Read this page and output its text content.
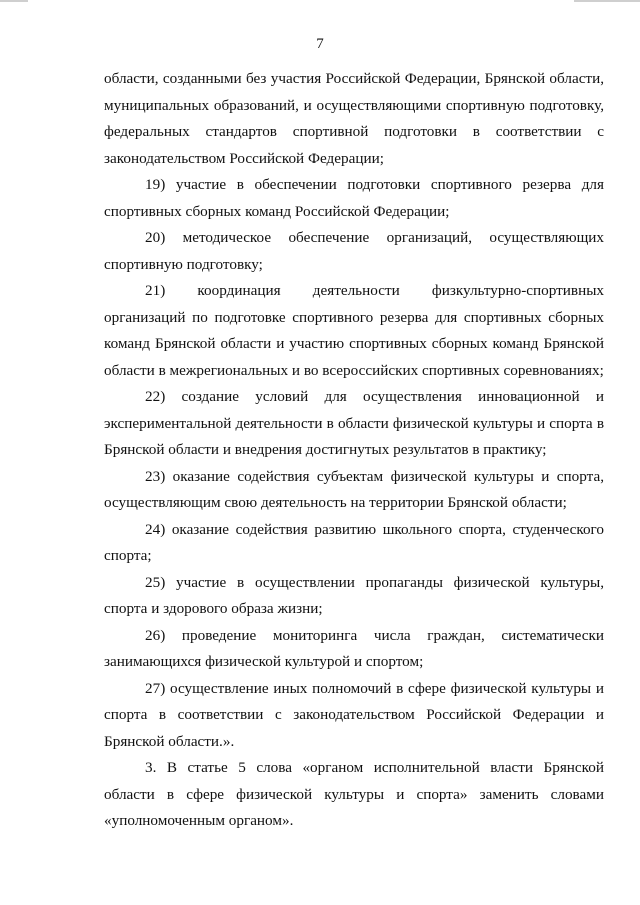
7

области, созданными без участия Российской Федерации, Брянской области, муниципальных образований, и осуществляющими спортивную подготовку, федеральных стандартов спортивной подготовки в соответствии с законодательством Российской Федерации;

19) участие в обеспечении подготовки спортивного резерва для спортивных сборных команд Российской Федерации;

20) методическое обеспечение организаций, осуществляющих спортивную подготовку;

21) координация деятельности физкультурно-спортивных организаций по подготовке спортивного резерва для спортивных сборных команд Брянской области и участию спортивных сборных команд Брянской области в межрегиональных и во всероссийских спортивных соревнованиях;

22) создание условий для осуществления инновационной и экспериментальной деятельности в области физической культуры и спорта в Брянской области и внедрения достигнутых результатов в практику;

23) оказание содействия субъектам физической культуры и спорта, осуществляющим свою деятельность на территории Брянской области;

24) оказание содействия развитию школьного спорта, студенческого спорта;

25) участие в осуществлении пропаганды физической культуры, спорта и здорового образа жизни;

26) проведение мониторинга числа граждан, систематически занимающихся физической культурой и спортом;

27) осуществление иных полномочий в сфере физической культуры и спорта в соответствии с законодательством Российской Федерации и Брянской области.».

3. В статье 5 слова «органом исполнительной власти Брянской области в сфере физической культуры и спорта» заменить словами «уполномоченным органом».
